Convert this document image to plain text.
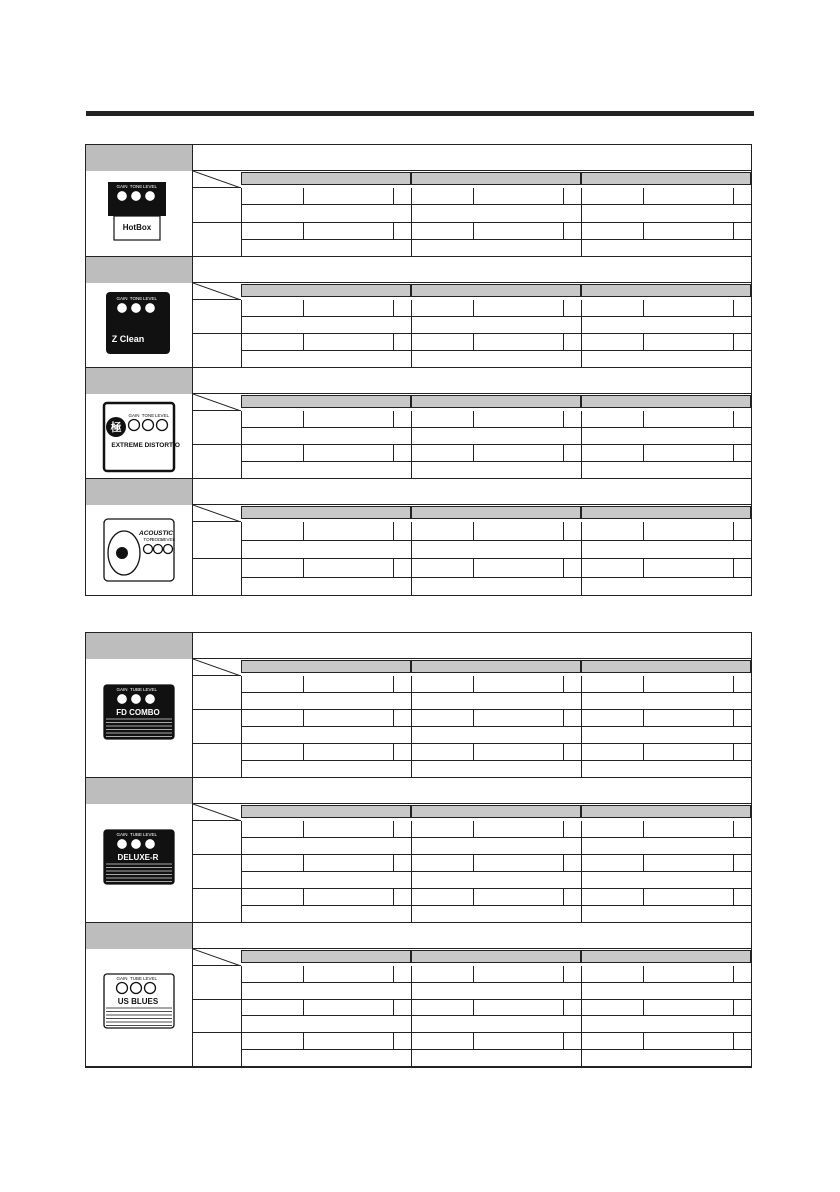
GAIN TONE LEVEL
HotBox
GAIN TONE LEVEL
Z Clean
GAIN TONE LEVEL
EXTREME DISTORTION
極
TOP BODY
LEVEL
ACOUSTIC
GAIN TUBE LEVEL
FD COMBO
GAIN TUBE LEVEL
DELUXE-R
GAIN TUBE LEVEL
US BLUES
